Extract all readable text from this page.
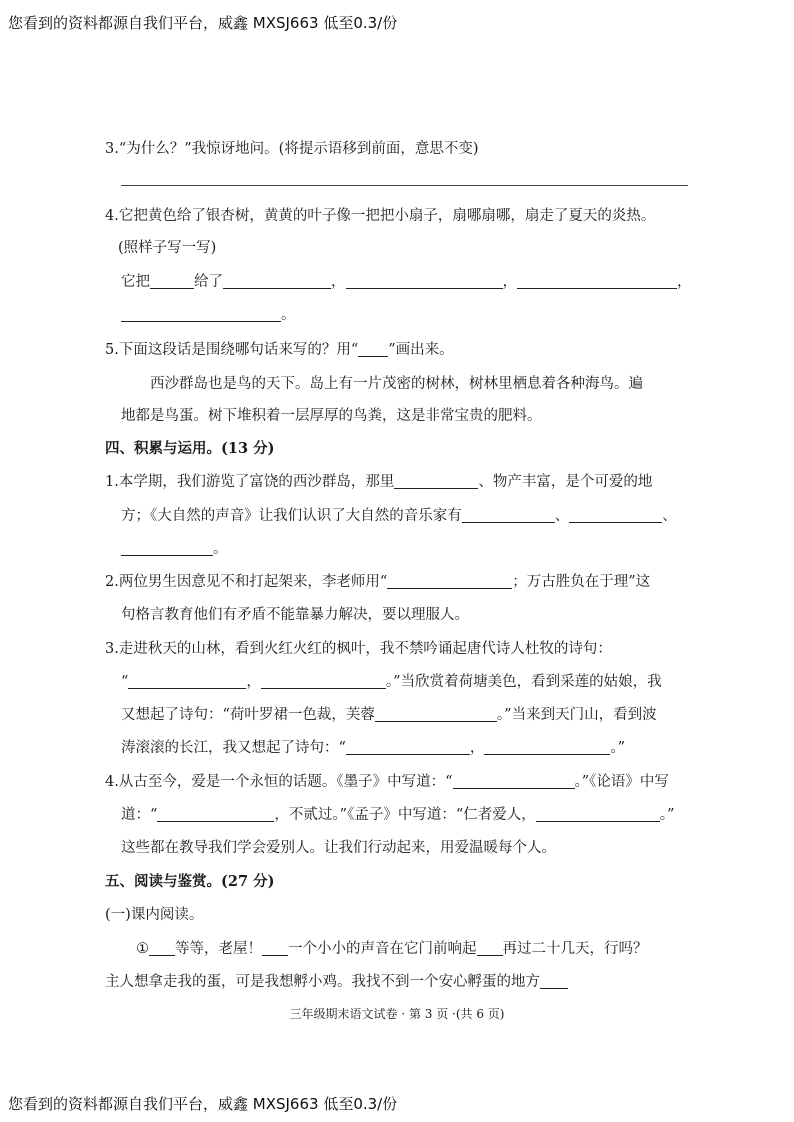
您看到的资料都源自我们平台，威鑫 MXSJ663 低至0.3/份
3.“为什么？”我惊讶地问。(将提示语移到前面，意思不变)
4.它把黄色给了银杏树，黄黄的叶子像一把把小扇子，扇哪扇哪，扇走了夏天的炎热。
(照样子写一写)
它把	给了	，	，	，
。
5.下面这段话是围绕哪句话来写的？用“ ”画出来。
西沙群岛也是鸟的天下。岛上有一片茂密的树林，树林里栖息着各种海鸟。遍
地都是鸟蛋。树下堆积着一层厚厚的鸟粪，这是非常宝贵的肥料。
四、积累与运用。(13 分)
1.本学期，我们游览了富饶的西沙群岛，那里	、物产丰富，是个可爱的地
方；《大自然的声音》让我们认识了大自然的音乐家有	、	、
。
2.两位男生因意见不和打起架来，李老师用“	；万古胜负在于理”这
句格言教育他们有矛盾不能靠暴力解决，要以理服人。
3.走进秋天的山林，看到火红火红的枫叶，我不禁吟诵起唐代诗人杜牧的诗句：
“	，	。”当欣赏着荷塘美色，看到采莲的姑娘，我
又想起了诗句：“荷叶罗裙一色裁，芙蓉	。”当来到天门山，看到波
涛滚滚的长江，我又想起了诗句：“	，	。”
4.从古至今，爱是一个永恒的话题。《墨子》中写道：“	。”《论语》中写
道：“	，不贰过。”《孟子》中写道：“仁者爱人，	。”
这些都在教导我们学会爱别人。让我们行动起来，用爱温暖每个人。
五、阅读与鉴赏。(27 分)
(一)课内阅读。
① 等等，老屋！ 一个小小的声音在它门前响起 再过二十几天，行吗？
主人想拿走我的蛋，可是我想孵小鸡。我找不到一个安心孵蛋的地方
三年级期末语文试卷 · 第 3 页 ·(共 6 页)
您看到的资料都源自我们平台，威鑫 MXSJ663 低至0.3/份
